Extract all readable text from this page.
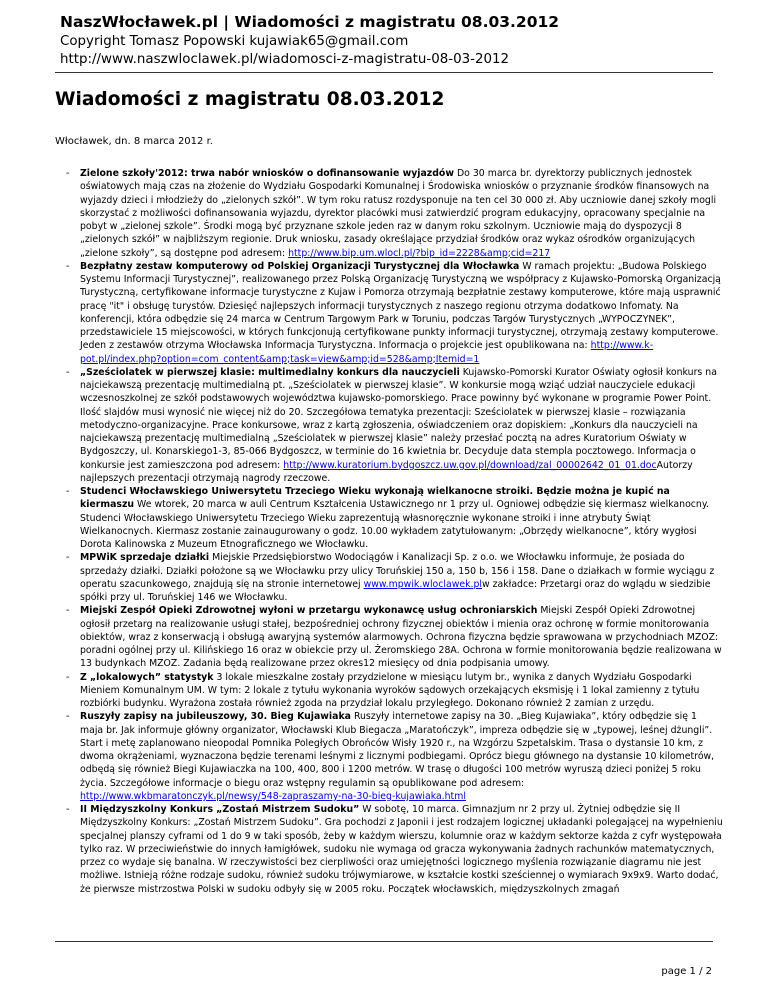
NaszWłocławek.pl | Wiadomości z magistratu 08.03.2012
Copyright Tomasz Popowski kujawiak65@gmail.com
http://www.naszwloclawek.pl/wiadomosci-z-magistratu-08-03-2012
Wiadomości z magistratu 08.03.2012
Włocławek, dn. 8 marca 2012 r.
- Zielone szkoły'2012: trwa nabór wniosków o dofinansowanie wyjazdów Do 30 marca br. dyrektorzy publicznych jednostek oświatowych mają czas na złożenie do Wydziału Gospodarki Komunalnej i Środowiska wniosków o przyznanie środków finansowych na wyjazdy dzieci i młodzieży do „zielonych szkół”. W tym roku ratusz rozdysponuje na ten cel 30 000 zł. Aby uczniowie danej szkoły mogli skorzystać z możliwości dofinansowania wyjazdu, dyrektor placówki musi zatwierdzić program edukacyjny, opracowany specjalnie na pobyt w „zielonej szkole”. Środki mogą być przyznane szkole jeden raz w danym roku szkolnym. Uczniowie mają do dyspozycji 8 „zielonych szkół” w najbliższym regionie. Druk wniosku, zasady określające przydział środków oraz wykaz ośrodków organizujących „zielone szkoły”, są dostępne pod adresem: http://www.bip.um.wlocl.pl/?bip_id=2228&amp;cid=217
- Bezpłatny zestaw komputerowy od Polskiej Organizacji Turystycznej dla Włocławka W ramach projektu: „Budowa Polskiego Systemu Informacji Turystycznej”, realizowanego przez Polską Organizację Turystyczną we współpracy z Kujawsko-Pomorską Organizacją Turystyczną, certyfikowane informacje turystyczne z Kujaw i Pomorza otrzymają bezpłatnie zestawy komputerowe, które mają usprawnić pracę "it" i obsługę turystów. Dziesięć najlepszych informacji turystycznych z naszego regionu otrzyma dodatkowo Infomaty. Na konferencji, która odbędzie się 24 marca w Centrum Targowym Park w Toruniu, podczas Targów Turystycznych „WYPOCZYNEK”, przedstawiciele 15 miejscowości, w których funkcjonują certyfikowane punkty informacji turystycznej, otrzymają zestawy komputerowe. Jeden z zestawów otrzyma Włocławska Informacja Turystyczna. Informacja o projekcie jest opublikowana na: http://www.k-pot.pl/index.php?option=com_content&amp;task=view&amp;id=528&amp;Itemid=1
- „Sześciolatek w pierwszej klasie: multimedialny konkurs dla nauczycieli Kujawsko-Pomorski Kurator Oświaty ogłosił konkurs na najciekawszą prezentację multimedialną pt. „Sześciolatek w pierwszej klasie”. W konkursie mogą wziąć udział nauczyciele edukacji wczesnoszkolnej ze szkół podstawowych województwa kujawsko-pomorskiego. Prace powinny być wykonane w programie Power Point. Ilość slajdów musi wynosić nie więcej niż do 20. Szczegółowa tematyka prezentacji: Sześciolatek w pierwszej klasie – rozwiązania metodyczno-organizacyjne. Prace konkursowe, wraz z kartą zgłoszenia, oświadczeniem oraz dopiskiem: „Konkurs dla nauczycieli na najciekawszą prezentację multimedialną „Sześciolatek w pierwszej klasie” należy przesłać pocztą na adres Kuratorium Oświaty w Bydgoszczy, ul. Konarskiego1-3, 85-066 Bydgoszcz, w terminie do 16 kwietnia br. Decyduje data stempla pocztowego. Informacja o konkursie jest zamieszczona pod adresem: http://www.kuratorium.bydgoszcz.uw.gov.pl/download/zal_00002642_01_01.docAutorzy najlepszych prezentacji otrzymają nagrody rzeczowe.
- Studenci Włocławskiego Uniwersytetu Trzeciego Wieku wykonają wielkanocne stroiki. Będzie można je kupić na kiermaszu We wtorek, 20 marca w auli Centrum Kształcenia Ustawicznego nr 1 przy ul. Ogniowej odbędzie się kiermasz wielkanocny. Studenci Włocławskiego Uniwersytetu Trzeciego Wieku zaprezentują własnoręcznie wykonane stroiki i inne atrybuty Świąt Wielkanocnych. Kiermasz zostanie zainaugurowany o godz. 10.00 wykładem zatytułowanym: „Obrzędy wielkanocne”, który wygłosi Dorota Kalinowska z Muzeum Etnograficznego we Włocławku.
- MPWiK sprzedaje działki Miejskie Przedsiębiorstwo Wodociągów i Kanalizacji Sp. z o.o. we Włocławku informuje, że posiada do sprzedaży działki. Działki położone są we Włocławku przy ulicy Toruńskiej 150 a, 150 b, 156 i 158. Dane o działkach w formie wyciągu z operatu szacunkowego, znajdują się na stronie internetowej www.mpwik.wloclawek.plw zakładce: Przetargi oraz do wglądu w siedzibie spółki przy ul. Toruńskiej 146 we Włocławku.
- Miejski Zespół Opieki Zdrowotnej wyłoni w przetargu wykonawcę usług ochroniarskich Miejski Zespół Opieki Zdrowotnej ogłosił przetarg na realizowanie usługi stałej, bezpośredniej ochrony fizycznej obiektów i mienia oraz ochronę w formie monitorowania obiektów, wraz z konserwacją i obsługą awaryjną systemów alarmowych. Ochrona fizyczna będzie sprawowana w przychodniach MZOZ: poradni ogólnej przy ul. Kilińskiego 16 oraz w obiekcie przy ul. Żeromskiego 28A. Ochrona w formie monitorowania będzie realizowana w 13 budynkach MZOZ. Zadania będą realizowane przez okres12 miesięcy od dnia podpisania umowy.
- Z „lokalowych” statystyk 3 lokale mieszkalne zostały przydzielone w miesiącu lutym br., wynika z danych Wydziału Gospodarki Mieniem Komunalnym UM. W tym: 2 lokale z tytułu wykonania wyroków sądowych orzekających eksmisję i 1 lokal zamienny z tytułu rozbiórki budynku. Wyrażona została również zgoda na przydział lokalu przyległego. Dokonano również 2 zamian z urzędu.
- Ruszyły zapisy na jubileuszowy, 30. Bieg Kujawiaka Ruszyły internetowe zapisy na 30. „Bieg Kujawiaka”, który odbędzie się 1 maja br. Jak informuje główny organizator, Włocławski Klub Biegacza „Maratończyk”, impreza odbędzie się w „typowej, leśnej dżungli”. Start i metę zaplanowano nieopodal Pomnika Poległych Obrońców Wisły 1920 r., na Wzgórzu Szpetalskim. Trasa o dystansie 10 km, z dwoma okrążeniami, wyznaczona będzie terenami leśnymi z licznymi podbiegami. Oprócz biegu głównego na dystansie 10 kilometrów, odbędą się również Biegi Kujawiaczka na 100, 400, 800 i 1200 metrów. W trasę o długości 100 metrów wyruszą dzieci poniżej 5 roku życia. Szczegółowe informacje o biegu oraz wstępny regulamin są opublikowane pod adresem: http://www.wkbmaratonczyk.pl/newsy/548-zapraszamy-na-30-bieg-kujawiaka.html
- II Międzyszkolny Konkurs „Zostań Mistrzem Sudoku” W sobotę, 10 marca. Gimnazjum nr 2 przy ul. Żytniej odbędzie się II Międzyszkolny Konkurs: „Zostań Mistrzem Sudoku”. Gra pochodzi z Japonii i jest rodzajem logicznej układanki polegającej na wypełnieniu specjalnej planszy cyframi od 1 do 9 w taki sposób, żeby w każdym wierszu, kolumnie oraz w każdym sektorze każda z cyfr występowała tylko raz. W przeciwieństwie do innych łamigłówek, sudoku nie wymaga od gracza wykonywania żadnych rachunków matematycznych, przez co wydaje się banalna. W rzeczywistości bez cierpliwości oraz umiejętności logicznego myślenia rozwiązanie diagramu nie jest możliwe. Istnieją różne rodzaje sudoku, również sudoku trójwymiarowe, w kształcie kostki sześciennej o wymiarach 9x9x9. Warto dodać, że pierwsze mistrzostwa Polski w sudoku odbyły się w 2005 roku. Początek włocławskich, międzyszkolnych zmagań
page 1 / 2
